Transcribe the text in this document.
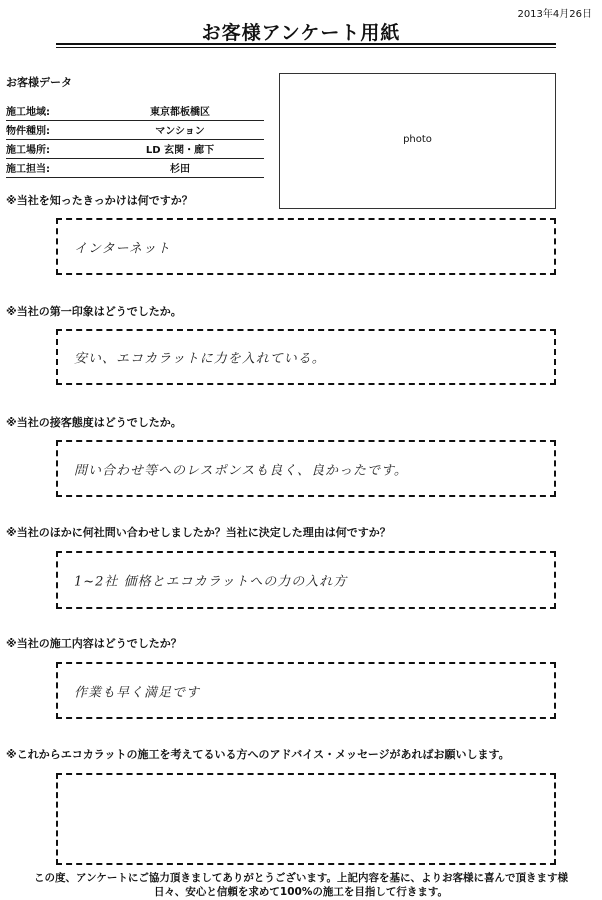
2013年4月26日
お客様アンケート用紙
お客様データ
施工地域:	東京都板橋区
物件種別:	マンション
施工場所:	LD 玄関・廊下
施工担当:	杉田
photo
※当社を知ったきっかけは何ですか？
インターネット
※当社の第一印象はどうでしたか。
安い、エコカラットに力を入れている。
※当社の接客態度はどうでしたか。
問い合わせ等へのレスポンスも良く、良かったです。
※当社のほかに何社問い合わせしましたか？当社に決定した理由は何ですか？
1~2社 価格とエコカラットへの力の入れ方
※当社の施工内容はどうでしたか？
作業も早く満足です
※これからエコカラットの施工を考えてるいる方へのアドバイス・メッセージがあればお願いします。
この度、アンケートにご協力頂きましてありがとうございます。上記内容を基に、よりお客様に喜んで頂きます様
日々、安心と信頼を求めて100%の施工を目指して行きます。
